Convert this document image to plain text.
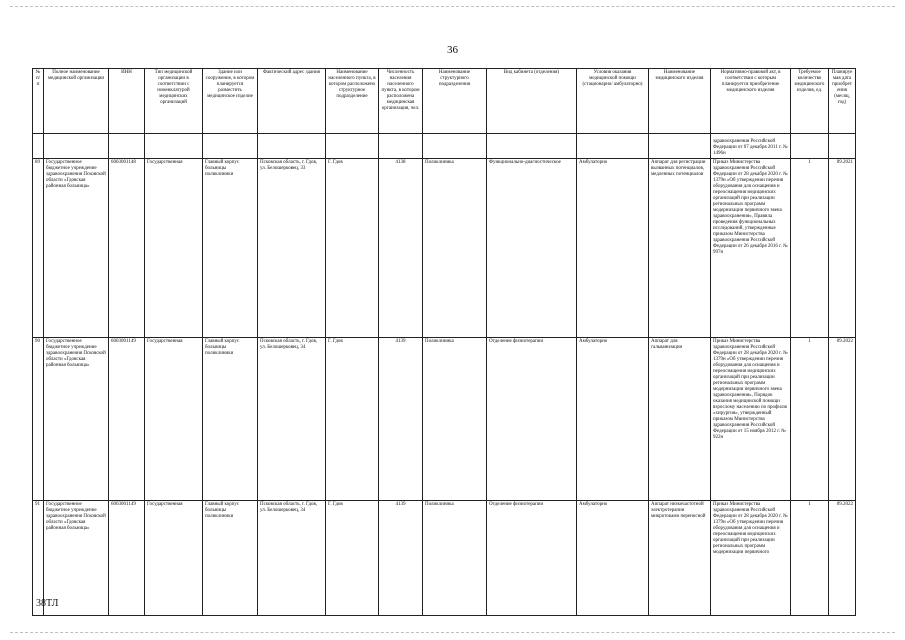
36
№ п/п	Полное наименование медицинской организации	ИНН	Тип медицинской организации в соответствии с номенклатурой медицинских организаций	Здание или сооружение, в котором планируется разместить медицинское изделие	Фактический адрес здания	Наименование населенного пункта, в котором расположено структурное подразделение	Численность населения населенного пункта, в котором расположена медицинская организация, чел.	Наименование структурного подразделения	Вид кабинета (отделения)	Условия оказания медицинской помощи (стационарно/ амбулаторно)	Наименование медицинского изделия	Нормативно-правовой акт, в соответствии с которым планируется приобретение медицинского изделия	Требуемое количество медицинского изделия, ед.	Планируемая дата приобретения (месяц, год)
												здравоохранения Российской Федерации от 07 декабря 2011 г. № 1496н		
89	Государственное бюджетное учреждение здравоохранения Псковской области «Гдовская районная больница»	6003001148	Государственная	Главный корпус больницы поликлиники	Псковская область, г. Гдов, ул. Белошерковец, 33	Г. Гдов	4138	Поликлиника	Функционально-диагностическое	Амбулаторно	Аппарат для регистрации вызванных потенциалов, медленных потенциалов	Приказ Министерства здравоохранения Российской Федерации от 28 декабря 2020 г. № 1379н «Об утверждении перечня оборудования для оснащения и переоснащения медицинских организаций при реализации региональных программ модернизации первичного звена здравоохранения», Правила проведения функциональных исследований, утвержденные приказом Министерства здравоохранения Российской Федерации от 26 декабря 2016 г. № 997н	1	09.2021
90	Государственное бюджетное учреждение здравоохранения Псковской области «Гдовская районная больница»	6003001149	Государственная	Главный корпус больницы поликлиники	Псковская область, г. Гдов, ул. Белошерковец, 34	Г. Гдов	4139	Поликлиника	Отделение физиотерапии	Амбулаторно	Аппарат для гальванизации	Приказ Министерства здравоохранения Российской Федерации от 28 декабря 2020 г. № 1379н «Об утверждении перечня оборудования для оснащения и переоснащения медицинских организаций при реализации региональных программ модернизации первичного звена здравоохранения», Порядок оказания медицинской помощи взрослому населению по профилю «хирургия», утвержденный приказом Министерства здравоохранения Российской Федерации от 15 ноября 2012 г. № 922н	1	09.2022
91	Государственное бюджетное учреждение здравоохранения Псковской области «Гдовская районная больница»	6003001149	Государственная	Главный корпус больницы поликлиники	Псковская область, г. Гдов, ул. Белошерковец, 34	Г. Гдов	4139	Поликлиника	Отделение физиотерапии	Амбулаторно	Аппарат низкочастотной электротерапии микротоками переносной	Приказ Министерства здравоохранения Российской Федерации от 28 декабря 2020 г. № 1379н «Об утверждении перечня оборудования для оснащения и переоснащения медицинских организаций при реализации региональных программ модернизации первичного	1	09.2022
38ТЛ
